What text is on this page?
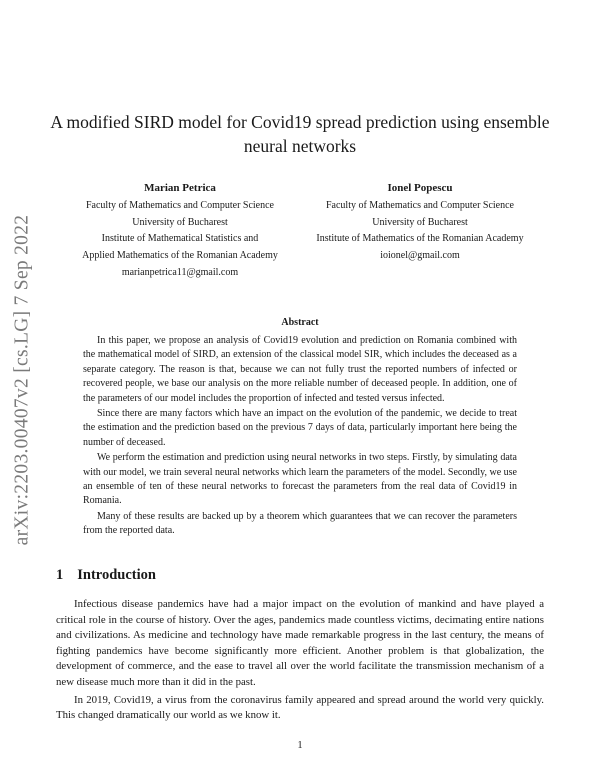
arXiv:2203.00407v2 [cs.LG] 7 Sep 2022
A modified SIRD model for Covid19 spread prediction using ensemble
neural networks
Marian Petrica
Faculty of Mathematics and Computer Science
University of Bucharest
Institute of Mathematical Statistics and
Applied Mathematics of the Romanian Academy
marianpetrica11@gmail.com
Ionel Popescu
Faculty of Mathematics and Computer Science
University of Bucharest
Institute of Mathematics of the Romanian Academy
ioionel@gmail.com
Abstract

In this paper, we propose an analysis of Covid19 evolution and prediction on Romania combined with the mathematical model of SIRD, an extension of the classical model SIR, which includes the deceased as a separate category. The reason is that, because we can not fully trust the reported numbers of infected or recovered people, we base our analysis on the more reliable number of deceased people. In addition, one of the parameters of our model includes the proportion of infected and tested versus infected.

Since there are many factors which have an impact on the evolution of the pandemic, we decide to treat the estimation and the prediction based on the previous 7 days of data, particularly important here being the number of deceased.

We perform the estimation and prediction using neural networks in two steps. Firstly, by simulating data with our model, we train several neural networks which learn the parameters of the model. Secondly, we use an ensemble of ten of these neural networks to forecast the parameters from the real data of Covid19 in Romania.

Many of these results are backed up by a theorem which guarantees that we can recover the parameters from the reported data.

1 Introduction

Infectious disease pandemics have had a major impact on the evolution of mankind and have played a critical role in the course of history. Over the ages, pandemics made countless victims, decimating entire nations and civilizations. As medicine and technology have made remarkable progress in the last century, the means of fighting pandemics have become significantly more efficient. Another problem is that globalization, the development of commerce, and the ease to travel all over the world facilitate the transmission mechanism of a new disease much more than it did in the past.

In 2019, Covid19, a virus from the coronavirus family appeared and spread around the world very quickly. This changed dramatically our world as we know it.

1
